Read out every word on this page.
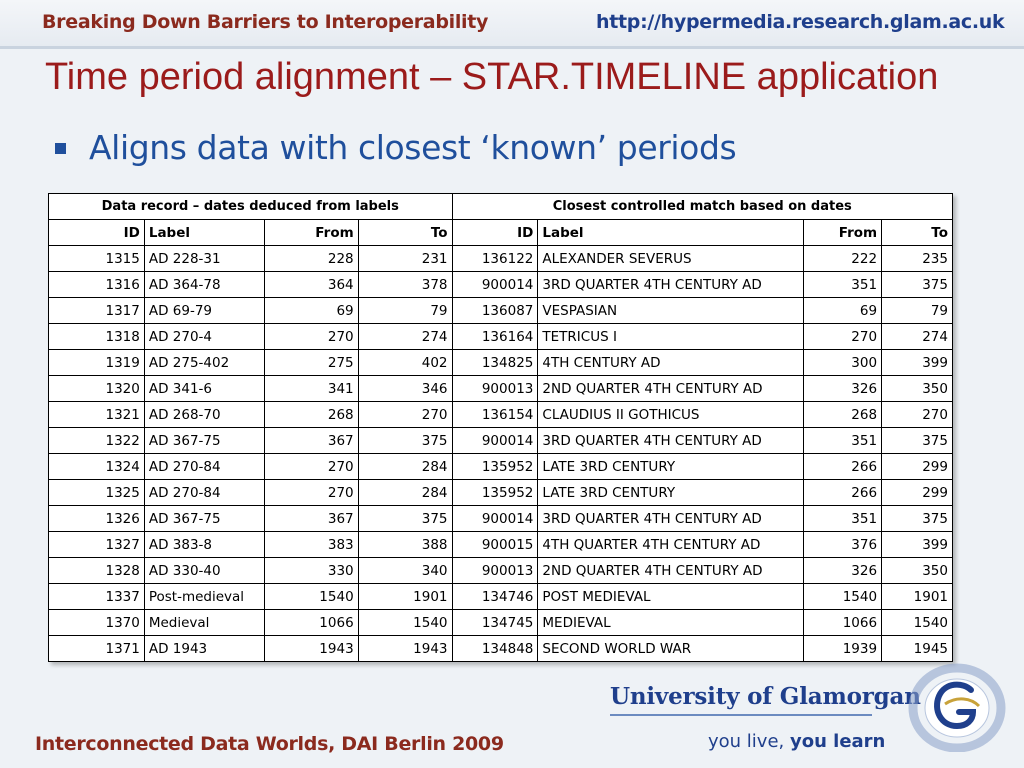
Breaking Down Barriers to Interoperability	http://hypermedia.research.glam.ac.uk
Time period alignment – STAR.TIMELINE application
Aligns data with closest ‘known’ periods
Data record – dates deduced from labels				Closest controlled match based on dates			
ID	Label	From	To	ID	Label	From	To
1315	AD 228-31	228	231	136122	ALEXANDER SEVERUS	222	235
1316	AD 364-78	364	378	900014	3RD QUARTER 4TH CENTURY AD	351	375
1317	AD 69-79	69	79	136087	VESPASIAN	69	79
1318	AD 270-4	270	274	136164	TETRICUS I	270	274
1319	AD 275-402	275	402	134825	4TH CENTURY AD	300	399
1320	AD 341-6	341	346	900013	2ND QUARTER 4TH CENTURY AD	326	350
1321	AD 268-70	268	270	136154	CLAUDIUS II GOTHICUS	268	270
1322	AD 367-75	367	375	900014	3RD QUARTER 4TH CENTURY AD	351	375
1324	AD 270-84	270	284	135952	LATE 3RD CENTURY	266	299
1325	AD 270-84	270	284	135952	LATE 3RD CENTURY	266	299
1326	AD 367-75	367	375	900014	3RD QUARTER 4TH CENTURY AD	351	375
1327	AD 383-8	383	388	900015	4TH QUARTER 4TH CENTURY AD	376	399
1328	AD 330-40	330	340	900013	2ND QUARTER 4TH CENTURY AD	326	350
1337	Post-medieval	1540	1901	134746	POST MEDIEVAL	1540	1901
1370	Medieval	1066	1540	134745	MEDIEVAL	1066	1540
1371	AD 1943	1943	1943	134848	SECOND WORLD WAR	1939	1945
Interconnected Data Worlds, DAI Berlin 2009
University of Glamorgan
you live, you learn
